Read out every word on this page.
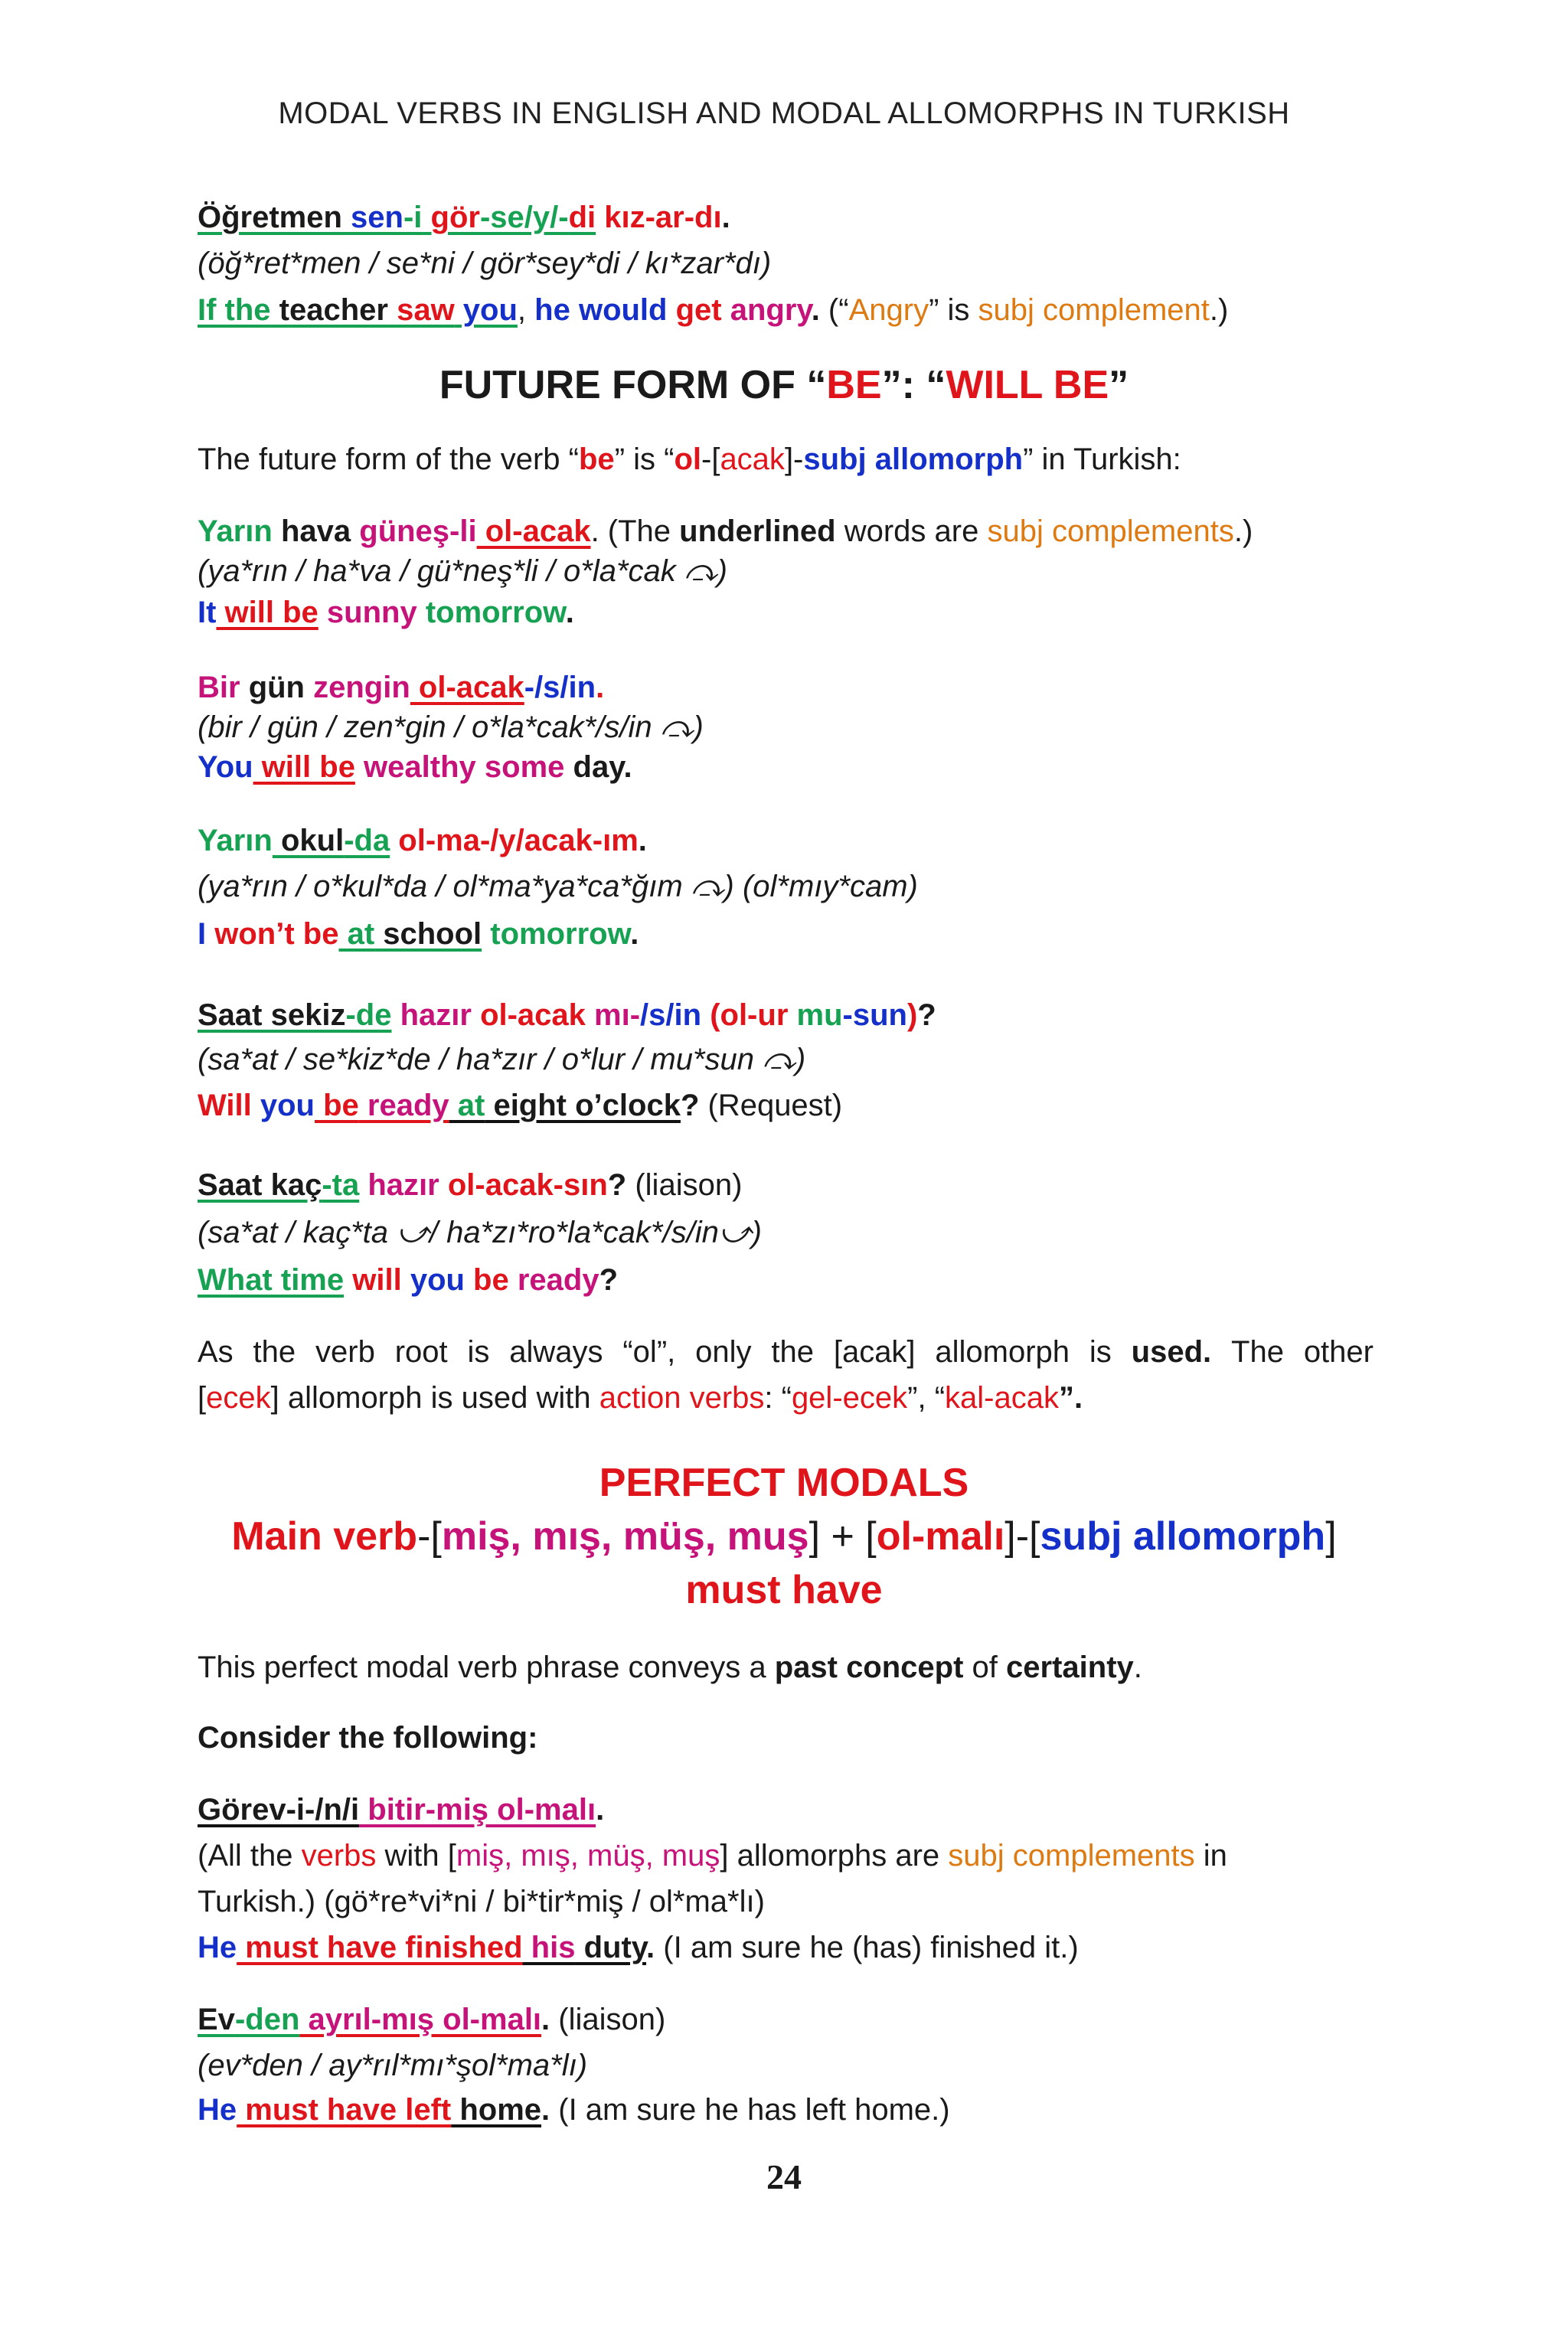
MODAL VERBS IN ENGLISH AND MODAL ALLOMORPHS IN TURKISH
Öğretmen sen-i gör-se/y/-di kız-ar-dı.
(öğ*ret*men / se*ni / gör*sey*di / kı*zar*dı)
If the teacher saw you, he would get angry. (“Angry” is subj complement.)
FUTURE FORM OF “BE”: “WILL BE”
The future form of the verb “be” is “ol-[acak]-subj allomorph” in Turkish:
Yarın hava güneş-li ol-acak. (The underlined words are subj complements.)
(ya*rın / ha*va / gü*neş*li / o*la*cak ⤼)
It will be sunny tomorrow.
Bir gün zengin ol-acak-/s/in.
(bir / gün / zen*gin / o*la*cak*/s/in ⤼)
You will be wealthy some day.
Yarın okul-da ol-ma-/y/acak-ım.
(ya*rın / o*kul*da / ol*ma*ya*ca*ğım ⤼) (ol*mıy*cam)
I won’t be at school tomorrow.
Saat sekiz-de hazır ol-acak mı-/s/in (ol-ur mu-sun)?
(sa*at / se*kiz*de / ha*zır / o*lur / mu*sun ⤼)
Will you be ready at eight o’clock? (Request)
Saat kaç-ta hazır ol-acak-sın? (liaison)
(sa*at / kaç*ta ⤻/ ha*zı*ro*la*cak*/s/in⤻)
What time will you be ready?
As the verb root is always “ol”, only the [acak] allomorph is used. The other
[ecek] allomorph is used with action verbs: “gel-ecek”, “kal-acak”.
PERFECT MODALS
Main verb-[miş, mış, müş, muş] + [ol-malı]-[subj allomorph]
must have
This perfect modal verb phrase conveys a past concept of certainty.
Consider the following:
Görev-i-/n/i bitir-miş ol-malı.
(All the verbs with [miş, mış, müş, muş] allomorphs are subj complements in
Turkish.) (gö*re*vi*ni / bi*tir*miş / ol*ma*lı)
He must have finished his duty. (I am sure he (has) finished it.)
Ev-den ayrıl-mış ol-malı. (liaison)
(ev*den / ay*rıl*mı*şol*ma*lı)
He must have left home. (I am sure he has left home.)
24
